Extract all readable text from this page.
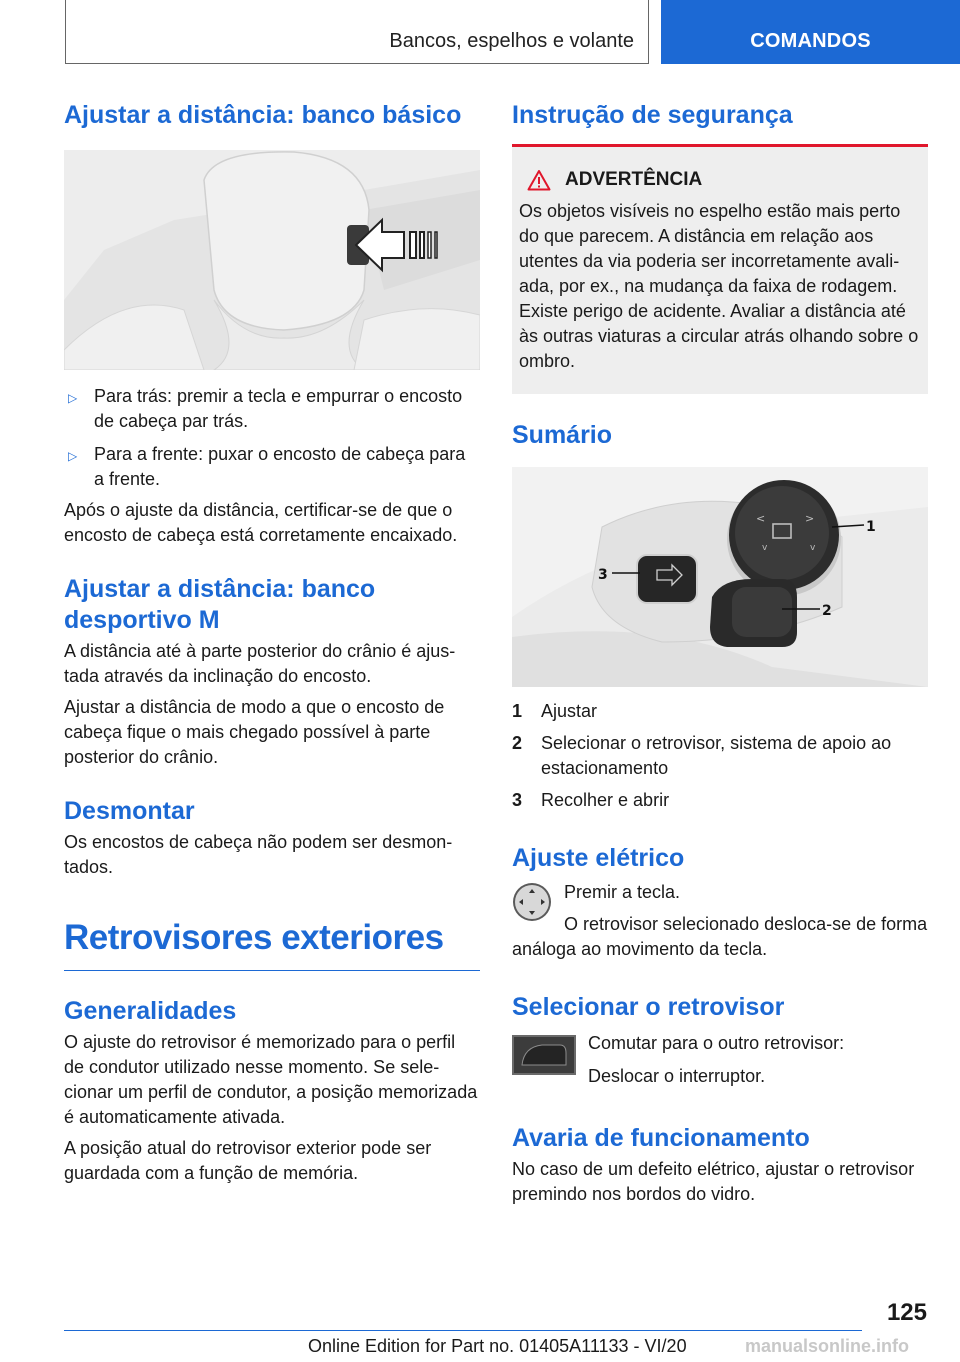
Bancos, espelhos e volante	COMANDOS
Ajustar a distância: banco básico
▷ Para trás: premir a tecla e empurrar o encosto de cabeça par trás.
▷ Para a frente: puxar o encosto de cabeça para a frente.

Após o ajuste da distância, certificar-se de que o encosto de cabeça está corretamente encaixado.

Ajustar a distância: banco desportivo M

A distância até à parte posterior do crânio é ajustada através da inclinação do encosto.

Ajustar a distância de modo a que o encosto de cabeça fique o mais chegado possível à parte posterior do crânio.

Desmontar

Os encostos de cabeça não podem ser desmontados.

Retrovisores exteriores
Generalidades

O ajuste do retrovisor é memorizado para o perfil de condutor utilizado nesse momento. Se selecionar um perfil de condutor, a posição memorizada é automaticamente ativada.

A posição atual do retrovisor exterior pode ser guardada com a função de memória.

Instrução de segurança
ADVERTÊNCIA

Os objetos visíveis no espelho estão mais perto do que parecem. A distância em relação aos utentes da via poderia ser incorretamente avaliada, por ex., na mudança da faixa de rodagem. Existe perigo de acidente. Avaliar a distância até às outras viaturas a circular atrás olhando sobre o ombro.

Sumário
<	>
v	v
1
3
2
1	Ajustar
2	Selecionar o retrovisor, sistema de apoio ao estacionamento
3	Recolher e abrir
Ajuste elétrico

Premir a tecla.

O retrovisor selecionado desloca-se de forma análoga ao movimento da tecla.

Selecionar o retrovisor

Comutar para o outro retrovisor:

Deslocar o interruptor.

Avaria de funcionamento

No caso de um defeito elétrico, ajustar o retrovisor premindo nos bordos do vidro.

125
Online Edition for Part no. 01405A11133 - VI/20	manualsonline.info
